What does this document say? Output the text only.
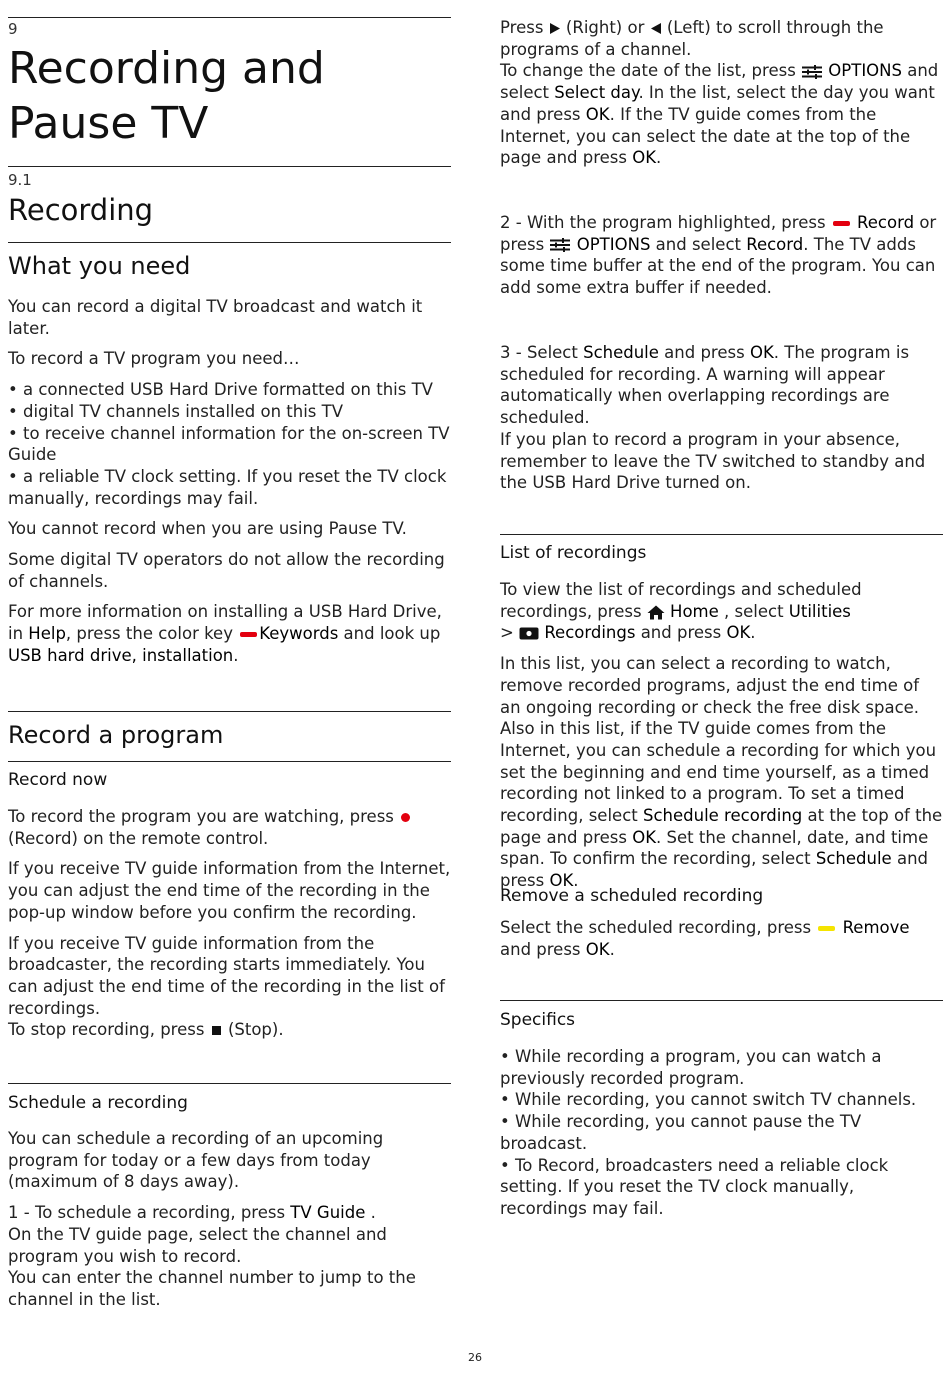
9
Recording and
Pause TV
9.1
Recording
What you need

You can record a digital TV broadcast and watch it later.

To record a TV program you need…

• a connected USB Hard Drive formatted on this TV

• digital TV channels installed on this TV

• to receive channel information for the on-screen TV Guide

• a reliable TV clock setting. If you reset the TV clock manually, recordings may fail.

You cannot record when you are using Pause TV.

Some digital TV operators do not allow the recording of channels.

For more information on installing a USB Hard Drive, in Help, press the color key Keywords and look up USB hard drive, installation.

Record a program
Record now

To record the program you are watching, press  (Record) on the remote control.

If you receive TV guide information from the Internet, you can adjust the end time of the recording in the pop-up window before you confirm the recording.

If you receive TV guide information from the broadcaster, the recording starts immediately. You can adjust the end time of the recording in the list of recordings.

To stop recording, press  (Stop).

Schedule a recording

You can schedule a recording of an upcoming program for today or a few days from today (maximum of 8 days away).

1 - To schedule a recording, press TV Guide .

On the TV guide page, select the channel and program you wish to record.

You can enter the channel number to jump to the channel in the list.

Press  (Right) or  (Left) to scroll through the programs of a channel.

To change the date of the list, press  OPTIONS and select Select day. In the list, select the day you want and press OK. If the TV guide comes from the Internet, you can select the date at the top of the page and press OK.

2 - With the program highlighted, press  Record or press  OPTIONS and select Record. The TV adds some time buffer at the end of the program. You can add some extra buffer if needed.

3 - Select Schedule and press OK. The program is scheduled for recording. A warning will appear automatically when overlapping recordings are scheduled.

If you plan to record a program in your absence, remember to leave the TV switched to standby and the USB Hard Drive turned on.

List of recordings

To view the list of recordings and scheduled recordings, press  Home , select Utilities
>  Recordings and press OK.

In this list, you can select a recording to watch, remove recorded programs, adjust the end time of an ongoing recording or check the free disk space. Also in this list, if the TV guide comes from the Internet, you can schedule a recording for which you set the beginning and end time yourself, as a timed recording not linked to a program. To set a timed recording, select Schedule recording at the top of the page and press OK. Set the channel, date, and time span. To confirm the recording, select Schedule and press OK.

Remove a scheduled recording

Select the scheduled recording, press  Remove and press OK.

Specifics

• While recording a program, you can watch a previously recorded program.

• While recording, you cannot switch TV channels.

• While recording, you cannot pause the TV broadcast.

• To Record, broadcasters need a reliable clock setting. If you reset the TV clock manually, recordings may fail.

26
